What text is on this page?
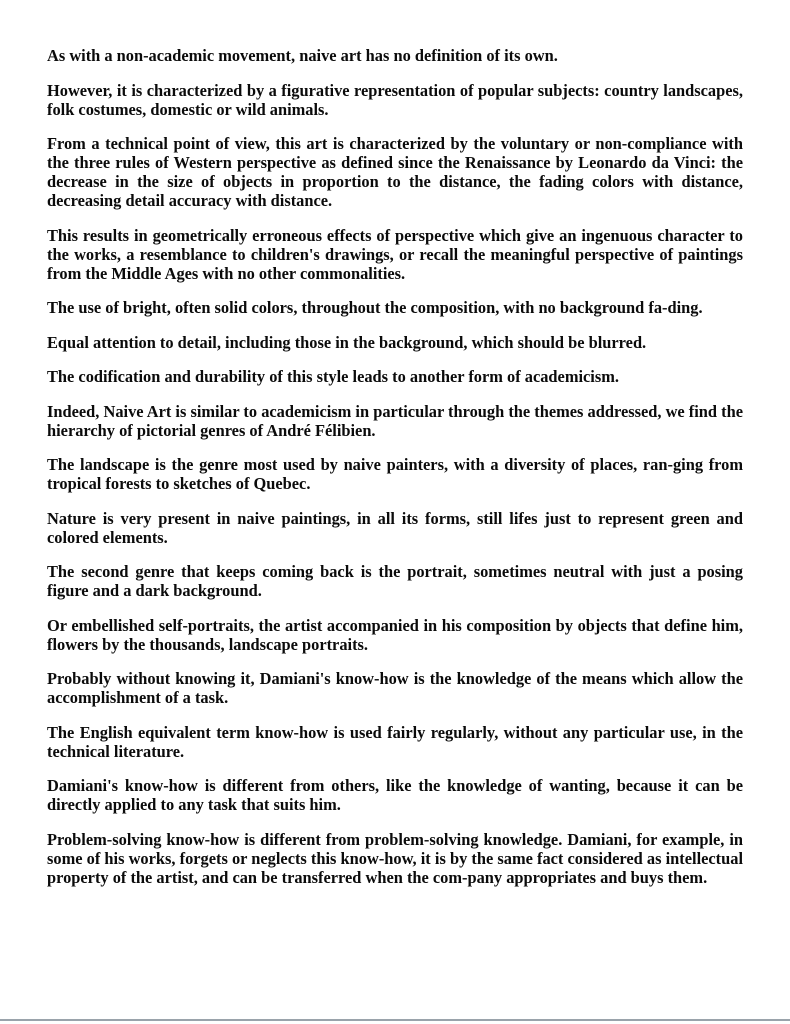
As with a non-academic movement, naive art has no definition of its own.

However, it is characterized by a figurative representation of popular subjects: country landscapes, folk costumes, domestic or wild animals.

From a technical point of view, this art is characterized by the voluntary or non-compliance with the three rules of Western perspective as defined since the Renaissance by Leonardo da Vinci: the decrease in the size of objects in proportion to the distance, the fading colors with distance, decreasing detail accuracy with distance.

This results in geometrically erroneous effects of perspective which give an ingenuous character to the works, a resemblance to children's drawings, or recall the meaningful perspective of paintings from the Middle Ages with no other commonalities.

The use of bright, often solid colors, throughout the composition, with no background fa-ding.

Equal attention to detail, including those in the background, which should be blurred.

The codification and durability of this style leads to another form of academicism.

Indeed, Naive Art is similar to academicism in particular through the themes addressed, we find the hierarchy of pictorial genres of André Félibien.

The landscape is the genre most used by naive painters, with a diversity of places, ran-ging from tropical forests to sketches of Quebec.

Nature is very present in naive paintings, in all its forms, still lifes just to represent green and colored elements.

The second genre that keeps coming back is the portrait, sometimes neutral with just a posing figure and a dark background.

Or embellished self-portraits, the artist accompanied in his composition by objects that define him, flowers by the thousands, landscape portraits.

Probably without knowing it, Damiani's know-how is the knowledge of the means which allow the accomplishment of a task.

The English equivalent term know-how is used fairly regularly, without any particular use, in the technical literature.

Damiani's know-how is different from others, like the knowledge of wanting, because it can be directly applied to any task that suits him.

Problem-solving know-how is different from problem-solving knowledge. Damiani, for example, in some of his works, forgets or neglects this know-how, it is by the same fact considered as intellectual property of the artist, and can be transferred when the com-pany appropriates and buys them.
